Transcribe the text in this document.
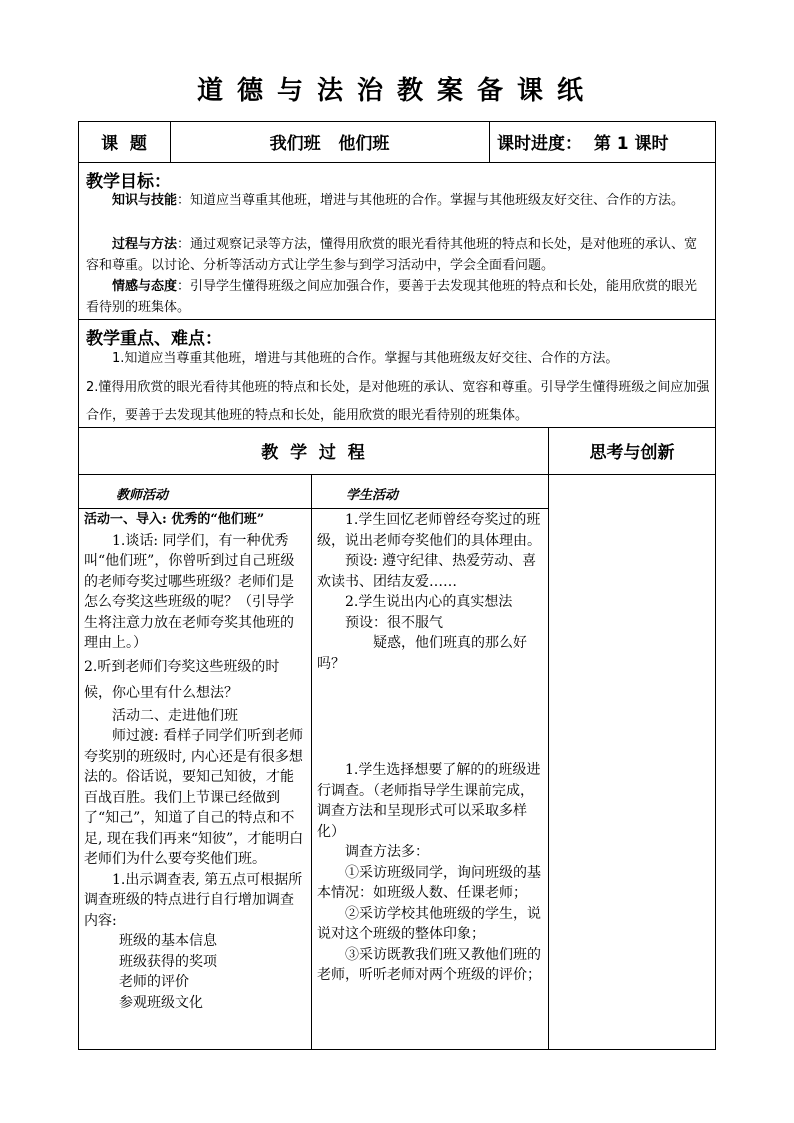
道德与法治教案备课纸
课  题	我们班   他们班	课时进度：  第 1 课时
教学目标：
知识与技能：知道应当尊重其他班，增进与其他班的合作。掌握与其他班级友好交往、合作的方法。
过程与方法：通过观察记录等方法，懂得用欣赏的眼光看待其他班的特点和长处，是对他班的承认、宽容和尊重。以讨论、分析等活动方式让学生参与到学习活动中，学会全面看问题。
情感与态度：引导学生懂得班级之间应加强合作，要善于去发现其他班的特点和长处，能用欣赏的眼光看待别的班集体。
教学重点、难点：
1.知道应当尊重其他班，增进与其他班的合作。掌握与其他班级友好交往、合作的方法。
2.懂得用欣赏的眼光看待其他班的特点和长处，是对他班的承认、宽容和尊重。引导学生懂得班级之间应加强合作，要善于去发现其他班的特点和长处，能用欣赏的眼光看待别的班集体。
教  学  过  程	思考与创新
教师活动	学生活动

活动一、导入: 优秀的“他们班”

1.谈话: 同学们，有一种优秀叫“他们班”，你曾听到过自己班级的老师夸奖过哪些班级？老师们是怎么夸奖这些班级的呢？（引导学生将注意力放在老师夸奖其他班的理由上。）

2.听到老师们夸奖这些班级的时候，你心里有什么想法？

活动二、走进他们班

师过渡: 看样子同学们听到老师夸奖别的班级时, 内心还是有很多想法的。俗话说，要知己知彼，才能百战百胜。我们上节课已经做到了“知己”，知道了自己的特点和不足, 现在我们再来“知彼”，才能明白老师们为什么要夸奖他们班。

1.出示调查表, 第五点可根据所调查班级的特点进行自行增加调查内容:

班级的基本信息

班级获得的奖项

老师的评价

参观班级文化

1.学生回忆老师曾经夸奖过的班级，说出老师夸奖他们的具体理由。

预设: 遵守纪律、热爱劳动、喜欢读书、团结友爱……

2.学生说出内心的真实想法

预设：很不服气

疑惑，他们班真的那么好吗？

1.学生选择想要了解的的班级进行调查。（老师指导学生课前完成，调查方法和呈现形式可以采取多样化）

调查方法多：

①采访班级同学，询问班级的基本情况：如班级人数、任课老师；

②采访学校其他班级的学生，说说对这个班级的整体印象；

③采访既教我们班又教他们班的老师，听听老师对两个班级的评价；
